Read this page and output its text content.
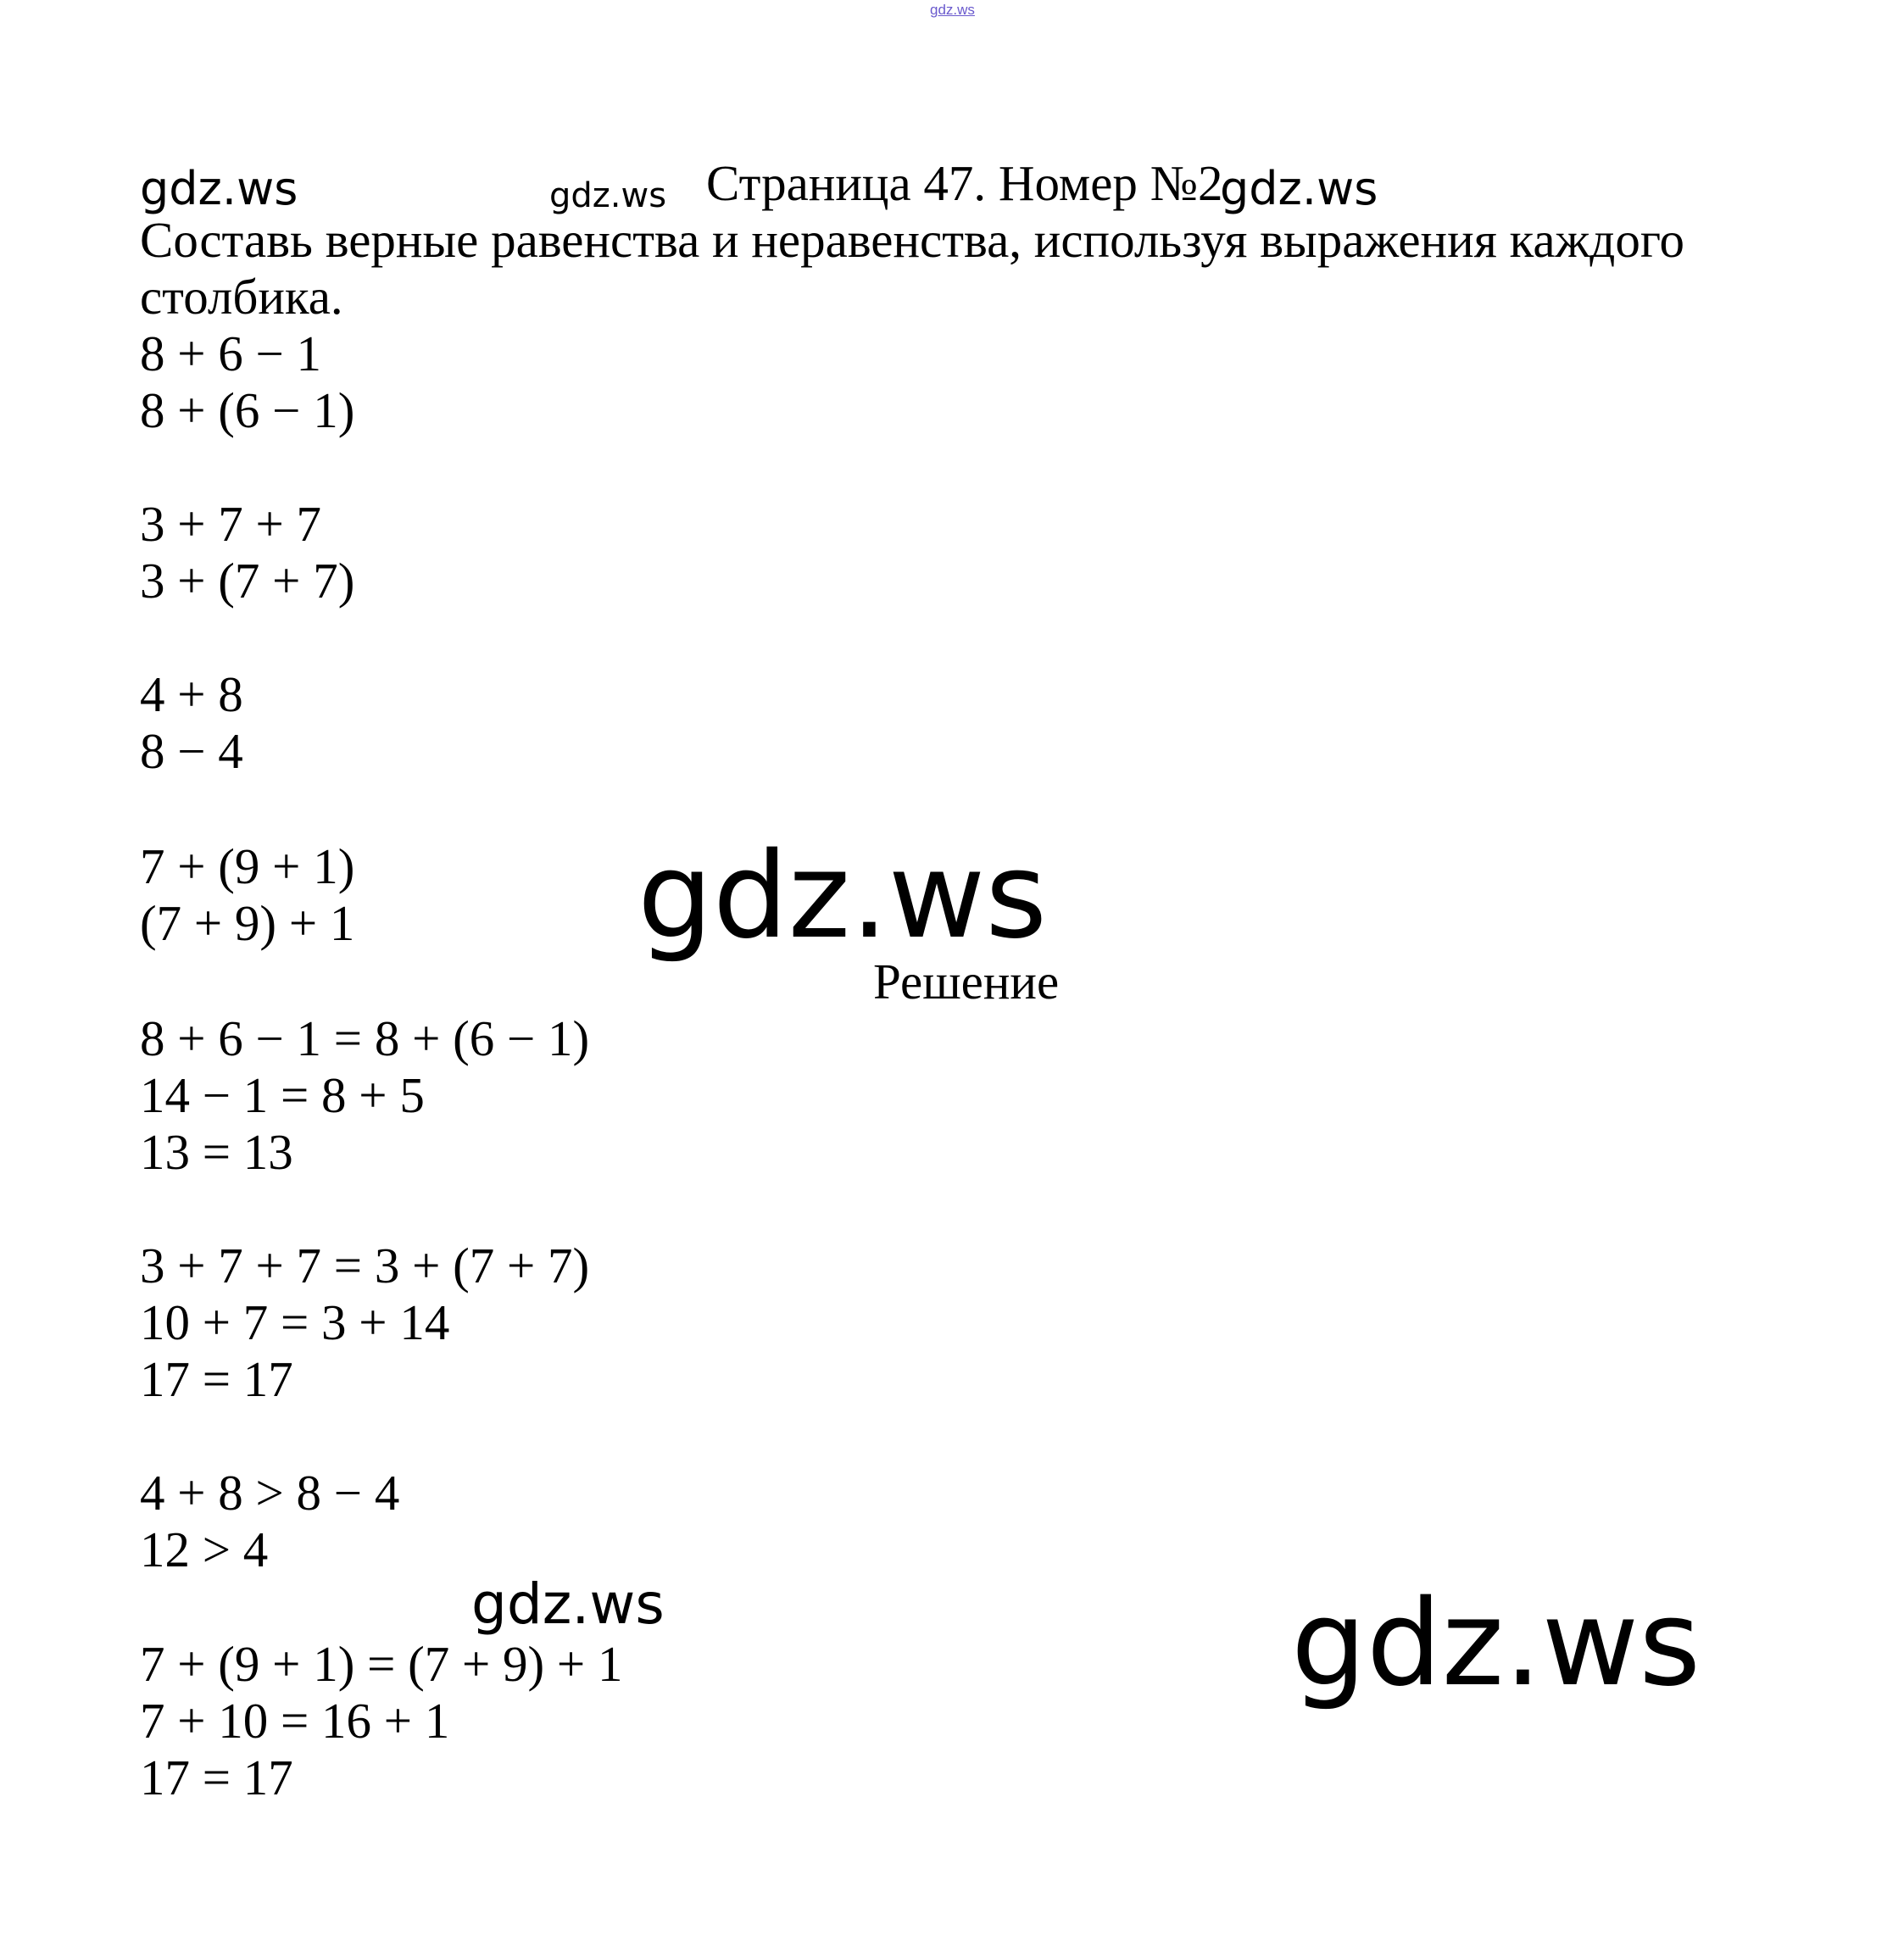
gdz.ws
gdz.ws	gdz.ws	gdz.ws
gdz.ws
gdz.ws	gdz.ws
Страница 47. Номер №2
Составь верные равенства и неравенства, используя выражения каждого
столбика.
8 + 6 − 1
8 + (6 − 1)
3 + 7 + 7
3 + (7 + 7)
4 + 8
8 − 4
7 + (9 + 1)
(7 + 9) + 1
Решение
8 + 6 − 1 = 8 + (6 − 1)
14 − 1 = 8 + 5
13 = 13
3 + 7 + 7 = 3 + (7 + 7)
10 + 7 = 3 + 14
17 = 17
4 + 8 > 8 − 4
12 > 4
7 + (9 + 1) = (7 + 9) + 1
7 + 10 = 16 + 1
17 = 17
